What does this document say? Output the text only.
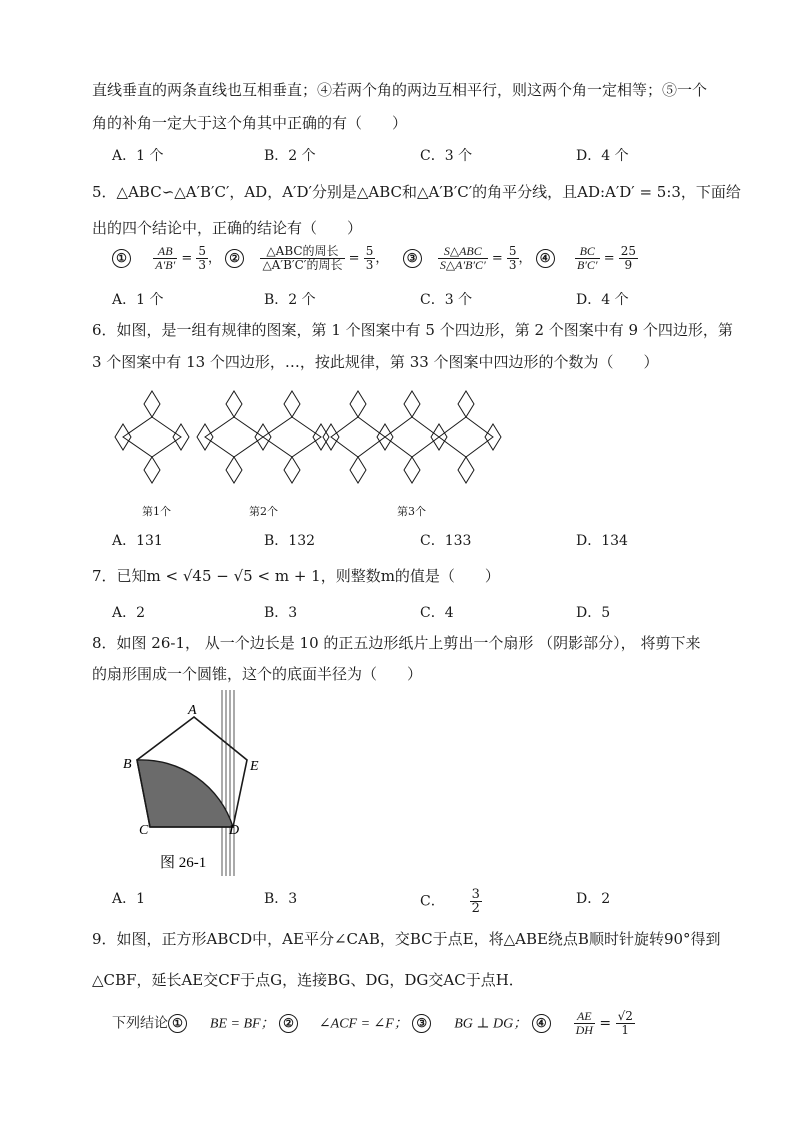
直线垂直的两条直线也互相垂直；④若两个角的两边互相平行，则这两个角一定相等；⑤一个
角的补角一定大于这个角其中正确的有（　　）
A．1 个	B．2 个	C．3 个	D．4 个
5．△ABC∽△A′B′C′，AD，A′D′分别是△ABC和△A′B′C′的角平分线，且AD:A′D′ = 5:3，下面给
出的四个结论中，正确的结论有（　　）
① $\frac{AB}{A'B'} = \frac{5}{3}$ ， ② $\frac{\text{△ABC的周长}}{\text{△A′B′C′的周长}} = \frac{5}{3}$ ，  ③ $\frac{\text{S△ABC}}{S\triangle A'B'C'} = \frac{5}{3}$ ， ④ $\frac{BC}{B'C'} = \frac{25}{9}$
A．1 个	B．2 个	C．3 个	D．4 个
6．如图，是一组有规律的图案，第 1 个图案中有 5 个四边形，第 2 个图案中有 9 个四边形，第
3 个图案中有 13 个四边形，…，按此规律，第 33 个图案中四边形的个数为（　　）
第1个	第2个	第3个
A．131	B．132	C．133	D．134
7．已知m < √45 − √5 < m + 1，则整数m的值是（　　）
A．2	B．3	C．4	D．5
8．如图 26-1， 从一个边长是 10 的正五边形纸片上剪出一个扇形 （阴影部分）， 将剪下来
的扇形围成一个圆锥，这个的底面半径为（　　）
A
B
C	D
E
图 26-1
A．1	B．3	C． $\frac{3}{2}$	D．2
9．如图，正方形ABCD中，AE平分∠CAB，交BC于点E，将△ABE绕点B顺时针旋转90°得到
△CBF，延长AE交CF于点G，连接BG、DG，DG交AC于点H．
下列结论 ① BE = BF； ② ∠ACF = ∠F； ③ BG ⊥ DG； ④ $\frac{AE}{DH} = \frac{√2}{1}$
